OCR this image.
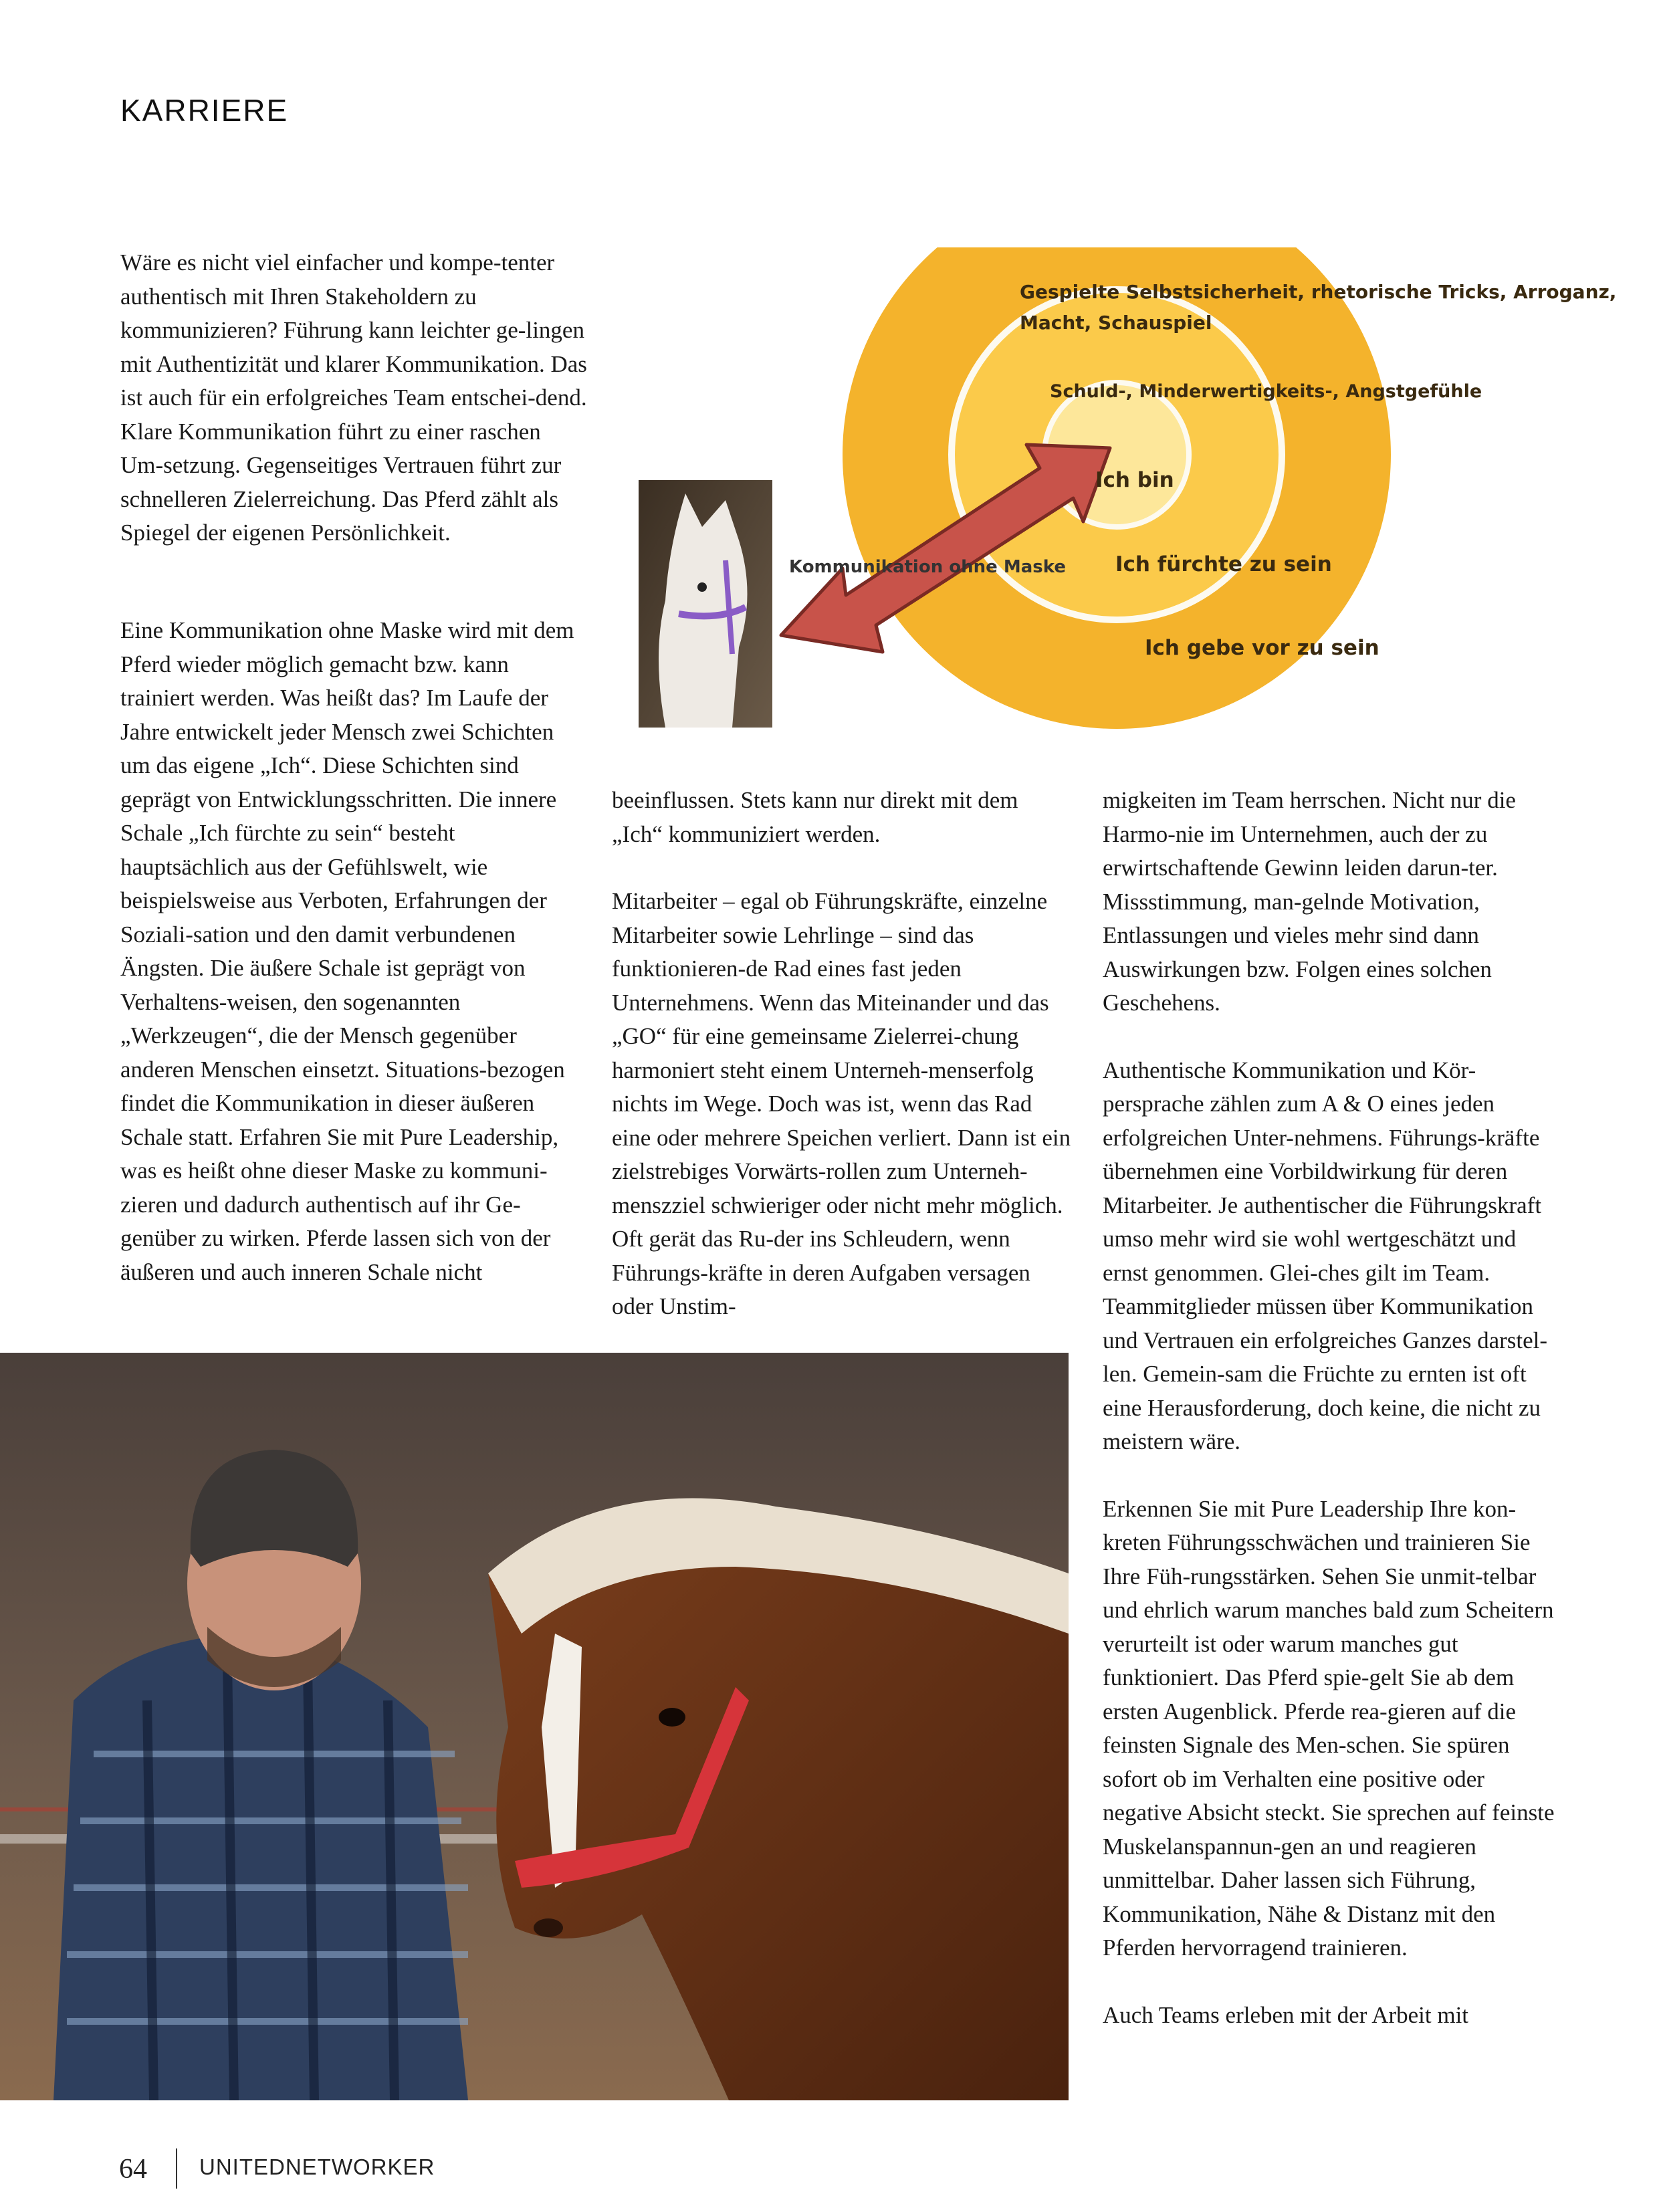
KARRIERE
Gespielte Selbstsicherheit, rhetorische Tricks, Arroganz,
Macht, Schauspiel
Schuld-, Minderwertigkeits-, Angstgefühle
Ich bin
Ich fürchte zu sein
Ich gebe vor zu sein
Kommunikation ohne Maske

Wäre es nicht viel einfacher und kompe-tenter authentisch mit Ihren Stakeholdern zu kommunizieren? Führung kann leichter ge-lingen mit Authentizität und klarer Kommunikation. Das ist auch für ein erfolgreiches Team entschei-dend. Klare Kommunikation führt zu einer raschen Um-setzung. Gegenseitiges Vertrauen führt zur schnelleren Zielerreichung. Das Pferd zählt als Spiegel der eigenen Persönlichkeit.

Eine Kommunikation ohne Maske wird mit dem Pferd wieder möglich gemacht bzw. kann trainiert werden. Was heißt das? Im Laufe der Jahre entwickelt jeder Mensch zwei Schichten um das eigene „Ich“. Diese Schichten sind geprägt von Entwicklungsschritten. Die innere Schale „Ich fürchte zu sein“ besteht hauptsächlich aus der Gefühlswelt, wie beispielsweise aus Verboten, Erfahrungen der Soziali-sation und den damit verbundenen Ängsten. Die äußere Schale ist geprägt von Verhaltens-weisen, den sogenannten „Werkzeugen“, die der Mensch gegenüber anderen Menschen einsetzt. Situations-bezogen findet die Kommunikation in dieser äußeren Schale statt. Erfahren Sie mit Pure Leadership, was es heißt ohne dieser Maske zu kommuni-zieren und dadurch authentisch auf ihr Ge-genüber zu wirken. Pferde lassen sich von der äußeren und auch inneren Schale nicht

beeinflussen. Stets kann nur direkt mit dem „Ich“ kommuniziert werden.

Mitarbeiter – egal ob Führungskräfte, einzelne Mitarbeiter sowie Lehrlinge – sind das funktionieren-de Rad eines fast jeden Unternehmens. Wenn das Miteinander und das „GO“ für eine gemeinsame Zielerrei-chung harmoniert steht einem Unterneh-menserfolg nichts im Wege. Doch was ist, wenn das Rad eine oder mehrere Speichen verliert. Dann ist ein zielstrebiges Vorwärts-rollen zum Unterneh-menszziel schwieriger oder nicht mehr möglich. Oft gerät das Ru-der ins Schleudern, wenn Führungs-kräfte in deren Aufgaben versagen oder Unstim-

migkeiten im Team herrschen. Nicht nur die Harmo-nie im Unternehmen, auch der zu erwirtschaftende Gewinn leiden darun-ter. Missstimmung, man-gelnde Motivation, Entlassungen und vieles mehr sind dann Auswirkungen bzw. Folgen eines solchen Geschehens.

Authentische Kommunikation und Kör-persprache zählen zum A & O eines jeden erfolgreichen Unter-nehmens. Führungs-kräfte übernehmen eine Vorbildwirkung für deren Mitarbeiter. Je authentischer die Führungskraft umso mehr wird sie wohl wertgeschätzt und ernst genommen. Glei-ches gilt im Team. Teammitglieder müssen über Kommunikation und Vertrauen ein erfolgreiches Ganzes darstel-len. Gemein-sam die Früchte zu ernten ist oft eine Herausforderung, doch keine, die nicht zu meistern wäre.

Erkennen Sie mit Pure Leadership Ihre kon-kreten Führungsschwächen und trainieren Sie Ihre Füh-rungsstärken. Sehen Sie unmit-telbar und ehrlich warum manches bald zum Scheitern verurteilt ist oder warum manches gut funktioniert. Das Pferd spie-gelt Sie ab dem ersten Augenblick. Pferde rea-gieren auf die feinsten Signale des Men-schen. Sie spüren sofort ob im Verhalten eine positive oder negative Absicht steckt. Sie sprechen auf feinste Muskelanspannun-gen an und reagieren unmittelbar. Daher lassen sich Führung, Kommunikation, Nähe & Distanz mit den Pferden hervorragend trainieren.

Auch Teams erleben mit der Arbeit mit

64 UNITEDNETWORKER
